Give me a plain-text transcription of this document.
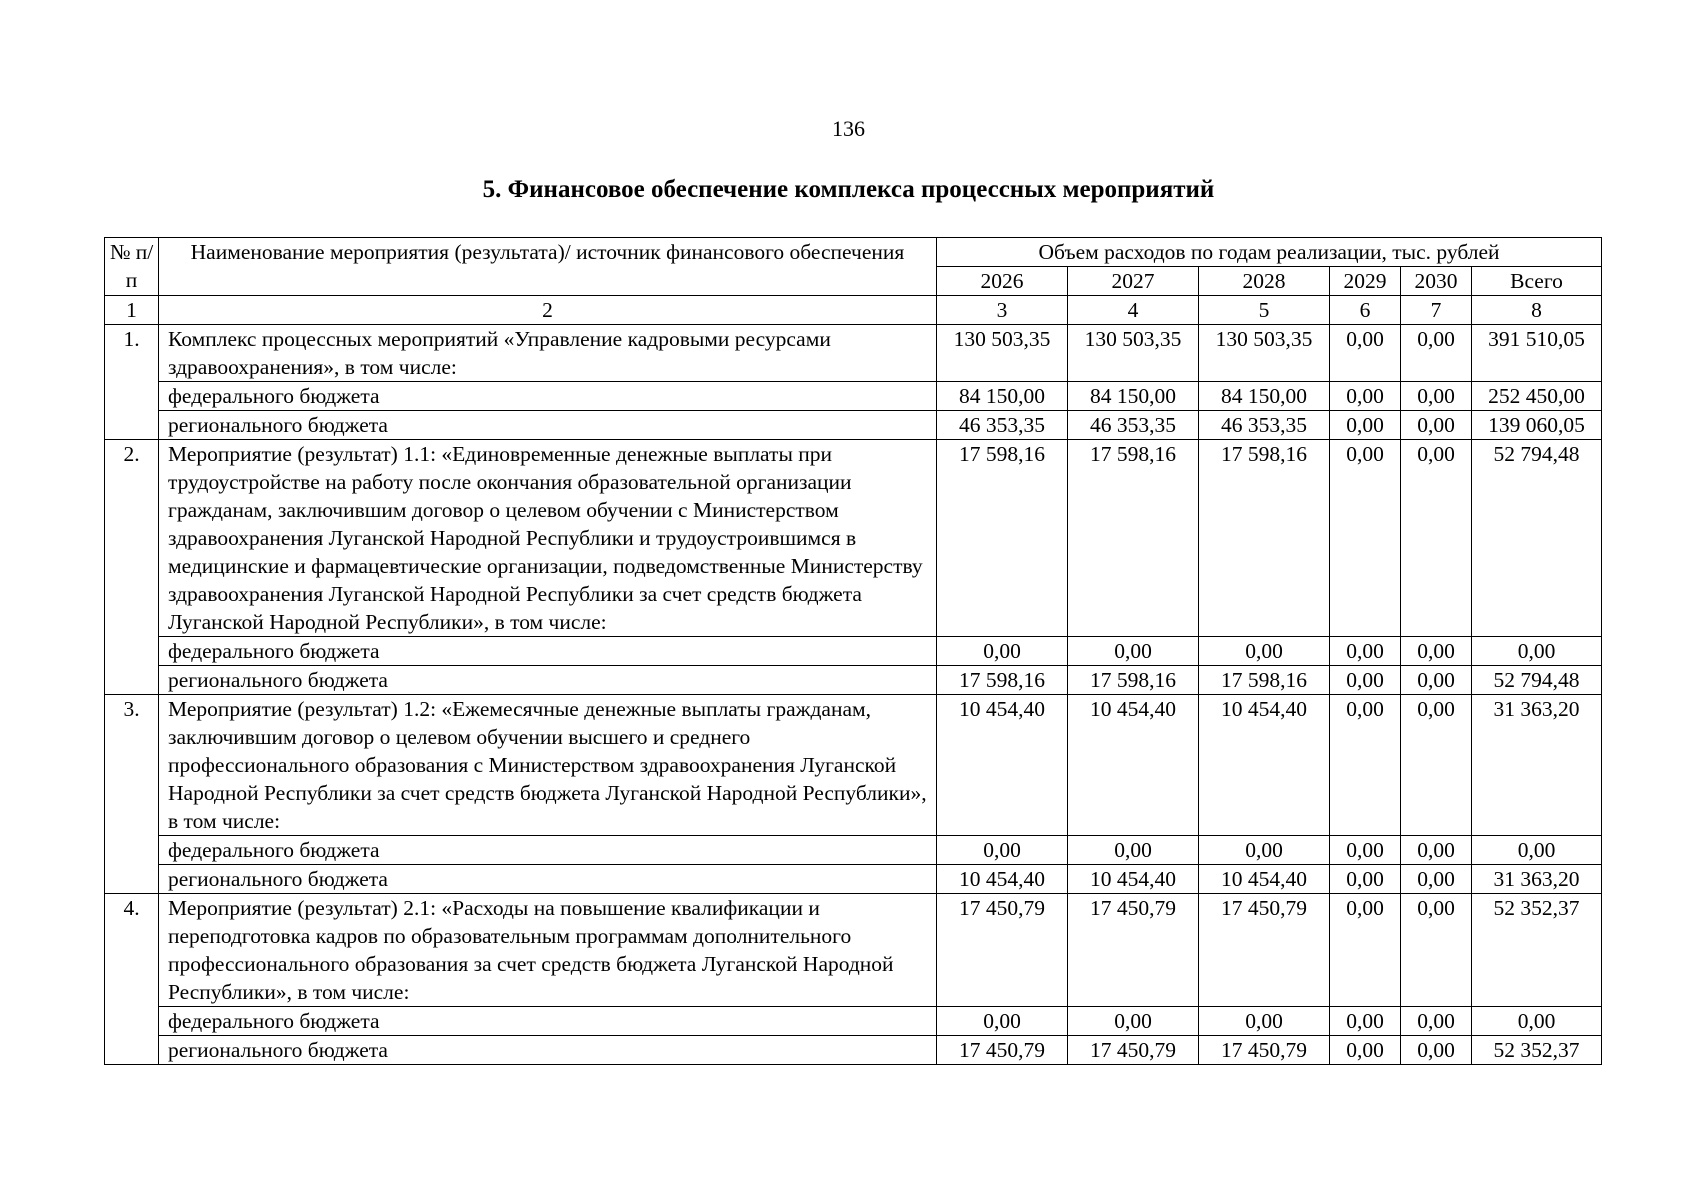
136
5. Финансовое обеспечение комплекса процессных мероприятий
№ п/п	Наименование мероприятия (результата)/ источник финансового обеспечения	Объем расходов по годам реализации, тыс. рублей					
		2026	2027	2028	2029	2030	Всего
1	2	3	4	5	6	7	8
1.	Комплекс процессных мероприятий «Управление кадровыми ресурсами здравоохранения», в том числе:	130 503,35	130 503,35	130 503,35	0,00	0,00	391 510,05
	федерального бюджета	84 150,00	84 150,00	84 150,00	0,00	0,00	252 450,00
	регионального бюджета	46 353,35	46 353,35	46 353,35	0,00	0,00	139 060,05
2.	Мероприятие (результат) 1.1: «Единовременные денежные выплаты при трудоустройстве на работу после окончания образовательной организации гражданам, заключившим договор о целевом обучении с Министерством здравоохранения Луганской Народной Республики и трудоустроившимся в медицинские и фармацевтические организации, подведомственные Министерству здравоохранения Луганской Народной Республики за счет средств бюджета Луганской Народной Республики», в том числе:	17 598,16	17 598,16	17 598,16	0,00	0,00	52 794,48
	федерального бюджета	0,00	0,00	0,00	0,00	0,00	0,00
	регионального бюджета	17 598,16	17 598,16	17 598,16	0,00	0,00	52 794,48
3.	Мероприятие (результат) 1.2: «Ежемесячные денежные выплаты гражданам, заключившим договор о целевом обучении высшего и среднего профессионального образования с Министерством здравоохранения Луганской Народной Республики за счет средств бюджета Луганской Народной Республики», в том числе:	10 454,40	10 454,40	10 454,40	0,00	0,00	31 363,20
	федерального бюджета	0,00	0,00	0,00	0,00	0,00	0,00
	регионального бюджета	10 454,40	10 454,40	10 454,40	0,00	0,00	31 363,20
4.	Мероприятие (результат) 2.1: «Расходы на повышение квалификации и переподготовка кадров по образовательным программам дополнительного профессионального образования за счет средств бюджета Луганской Народной Республики», в том числе:	17 450,79	17 450,79	17 450,79	0,00	0,00	52 352,37
	федерального бюджета	0,00	0,00	0,00	0,00	0,00	0,00
	регионального бюджета	17 450,79	17 450,79	17 450,79	0,00	0,00	52 352,37
